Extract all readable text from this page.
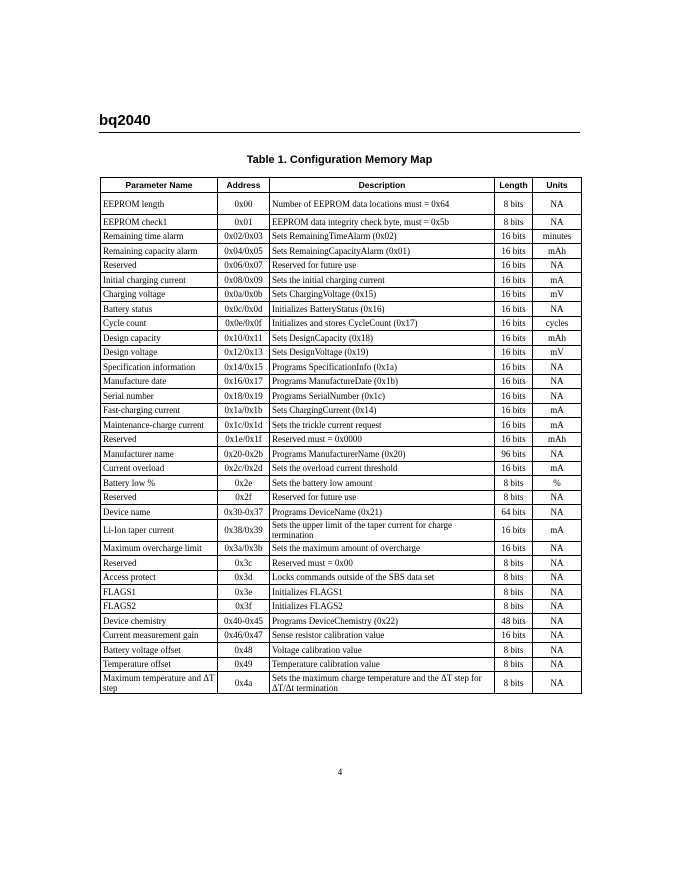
bq2040
Table 1. Configuration Memory Map
Parameter Name	Address	Description	Length	Units
EEPROM length	0x00	Number of EEPROM data locations must = 0x64	8 bits	NA
EEPROM check1	0x01	EEPROM data integrity check byte, must = 0x5b	8 bits	NA
Remaining time alarm	0x02/0x03	Sets RemainingTimeAlarm (0x02)	16 bits	minutes
Remaining capacity alarm	0x04/0x05	Sets RemainingCapacityAlarm (0x01)	16 bits	mAh
Reserved	0x06/0x07	Reserved for future use	16 bits	NA
Initial charging current	0x08/0x09	Sets the initial charging current	16 bits	mA
Charging voltage	0x0a/0x0b	Sets ChargingVoltage (0x15)	16 bits	mV
Battery status	0x0c/0x0d	Initializes BatteryStatus (0x16)	16 bits	NA
Cycle count	0x0e/0x0f	Initializes and stores CycleCount (0x17)	16 bits	cycles
Design capacity	0x10/0x11	Sets DesignCapacity (0x18)	16 bits	mAh
Design voltage	0x12/0x13	Sets DesignVoltage (0x19)	16 bits	mV
Specification information	0x14/0x15	Programs SpecificationInfo (0x1a)	16 bits	NA
Manufacture date	0x16/0x17	Programs ManufactureDate (0x1b)	16 bits	NA
Serial number	0x18/0x19	Programs SerialNumber (0x1c)	16 bits	NA
Fast-charging current	0x1a/0x1b	Sets ChargingCurrent (0x14)	16 bits	mA
Maintenance-charge current	0x1c/0x1d	Sets the trickle current request	16 bits	mA
Reserved	0x1e/0x1f	Reserved must = 0x0000	16 bits	mAh
Manufacturer name	0x20-0x2b	Programs ManufacturerName (0x20)	96 bits	NA
Current overload	0x2c/0x2d	Sets the overload current threshold	16 bits	mA
Battery low %	0x2e	Sets the battery low amount	8 bits	%
Reserved	0x2f	Reserved for future use	8 bits	NA
Device name	0x30-0x37	Programs DeviceName (0x21)	64 bits	NA
Li-Ion taper current	0x38/0x39	Sets the upper limit of the taper current for charge termination	16 bits	mA
Maximum overcharge limit	0x3a/0x3b	Sets the maximum amount of overcharge	16 bits	NA
Reserved	0x3c	Reserved must = 0x00	8 bits	NA
Access protect	0x3d	Locks commands outside of the SBS data set	8 bits	NA
FLAGS1	0x3e	Initializes FLAGS1	8 bits	NA
FLAGS2	0x3f	Initializes FLAGS2	8 bits	NA
Device chemistry	0x40-0x45	Programs DeviceChemistry (0x22)	48 bits	NA
Current measurement gain	0x46/0x47	Sense resistor calibration value	16 bits	NA
Battery voltage offset	0x48	Voltage calibration value	8 bits	NA
Temperature offset	0x49	Temperature calibration value	8 bits	NA
Maximum temperature and ΔT step	0x4a	Sets the maximum charge temperature and the ΔT step for ΔT/Δt termination	8 bits	NA
4
